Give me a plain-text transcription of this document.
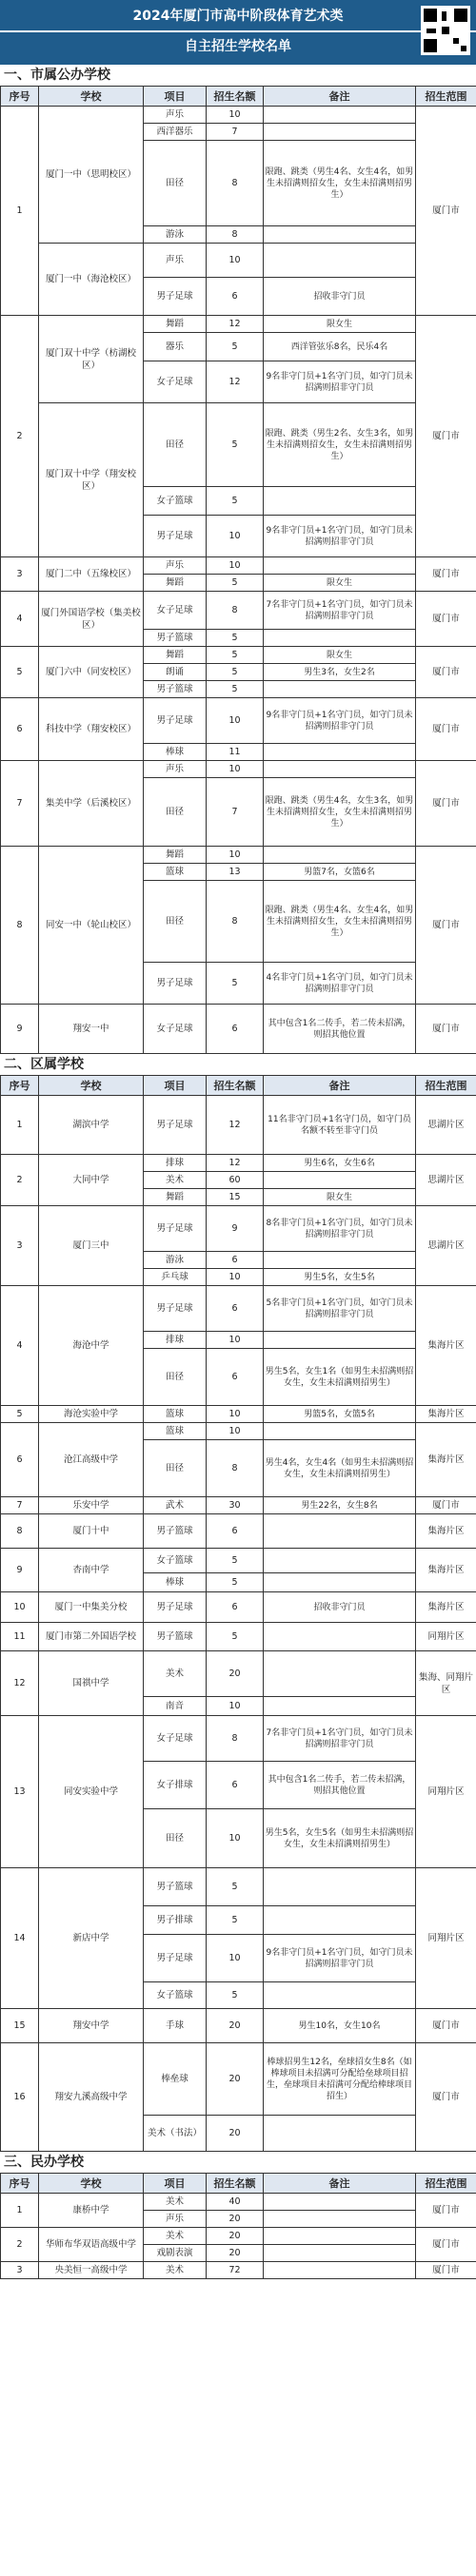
2024年厦门市高中阶段体育艺术类
自主招生学校名单
一、市属公办学校
序号	学校	项目	招生名额	备注	招生范围
1	厦门一中（思明校区）	声乐	10		厦门市
		西洋器乐	7		
		田径	8	限跑、跳类（男生4名、女生4名，如男生未招满则招女生，女生未招满则招男生）	
		游泳	8		
	厦门一中（海沧校区）	声乐	10		
		男子足球	6	招收非守门员	
2	厦门双十中学（枋湖校区）	舞蹈	12	限女生	厦门市
		器乐	5	西洋管弦乐8名，民乐4名	
		女子足球	12	9名非守门员+1名守门员，如守门员未招满则招非守门员	
	厦门双十中学（翔安校区）	田径	5	限跑、跳类（男生2名、女生3名，如男生未招满则招女生，女生未招满则招男生）	
		女子篮球	5		
		男子足球	10	9名非守门员+1名守门员，如守门员未招满则招非守门员	
3	厦门二中（五缘校区）	声乐	10		厦门市
		舞蹈	5	限女生	
4	厦门外国语学校（集美校区）	女子足球	8	7名非守门员+1名守门员，如守门员未招满则招非守门员	厦门市
		男子篮球	5		
5	厦门六中（同安校区）	舞蹈	5	限女生	厦门市
		朗诵	5	男生3名，女生2名	
		男子篮球	5		
6	科技中学（翔安校区）	男子足球	10	9名非守门员+1名守门员，如守门员未招满则招非守门员	厦门市
		棒球	11		
7	集美中学（后溪校区）	声乐	10		厦门市
		田径	7	限跑、跳类（男生4名，女生3名，如男生未招满则招女生，女生未招满则招男生）	
8	同安一中（轮山校区）	舞蹈	10		厦门市
		篮球	13	男篮7名，女篮6名	
		田径	8	限跑、跳类（男生4名、女生4名，如男生未招满则招女生，女生未招满则招男生）	
		男子足球	5	4名非守门员+1名守门员，如守门员未招满则招非守门员	
9	翔安一中	女子足球	6	其中包含1名二传手，若二传未招满，则招其他位置	厦门市
二、区属学校
序号	学校	项目	招生名额	备注	招生范围
1	湖滨中学	男子足球	12	11名非守门员+1名守门员，如守门员名额不转至非守门员	思湖片区
2	大同中学	排球	12	男生6名，女生6名	思湖片区
		美术	60		
		舞蹈	15	限女生	
3	厦门三中	男子足球	9	8名非守门员+1名守门员，如守门员未招满则招非守门员	思湖片区
		游泳	6		
		乒乓球	10	男生5名，女生5名	
4	海沧中学	男子足球	6	5名非守门员+1名守门员，如守门员未招满则招非守门员	集海片区
		排球	10		
		田径	6	男生5名，女生1名（如男生未招满则招女生，女生未招满则招男生）	
5	海沧实验中学	篮球	10	男篮5名，女篮5名	集海片区
6	沧江高级中学	篮球	10		集海片区
		田径	8	男生4名，女生4名（如男生未招满则招女生，女生未招满则招男生）	
7	乐安中学	武术	30	男生22名，女生8名	厦门市
8	厦门十中	男子篮球	6		集海片区
9	杏南中学	女子篮球	5		集海片区
		棒球	5		
10	厦门一中集美分校	男子足球	6	招收非守门员	集海片区
11	厦门市第二外国语学校	男子篮球	5		同翔片区
12	国祺中学	美术	20		集海、同翔片区
		南音	10		
13	同安实验中学	女子足球	8	7名非守门员+1名守门员，如守门员未招满则招非守门员	同翔片区
		女子排球	6	其中包含1名二传手，若二传未招满，则招其他位置	
		田径	10	男生5名，女生5名（如男生未招满则招女生，女生未招满则招男生）	
14	新店中学	男子篮球	5		同翔片区
		男子排球	5		
		男子足球	10	9名非守门员+1名守门员，如守门员未招满则招非守门员	
		女子篮球	5		
15	翔安中学	手球	20	男生10名，女生10名	厦门市
16	翔安九溪高级中学	棒垒球	20	棒球招男生12名，垒球招女生8名（如棒球项目未招满可分配给垒球项目招生，垒球项目未招满可分配给棒球项目招生）	厦门市
		美术（书法）	20		
三、民办学校
序号	学校	项目	招生名额	备注	招生范围
1	康桥中学	美术	40		厦门市
		声乐	20		
2	华师布华双语高级中学	美术	20		厦门市
		戏剧表演	20		
3	央美恒一高级中学	美术	72		厦门市
